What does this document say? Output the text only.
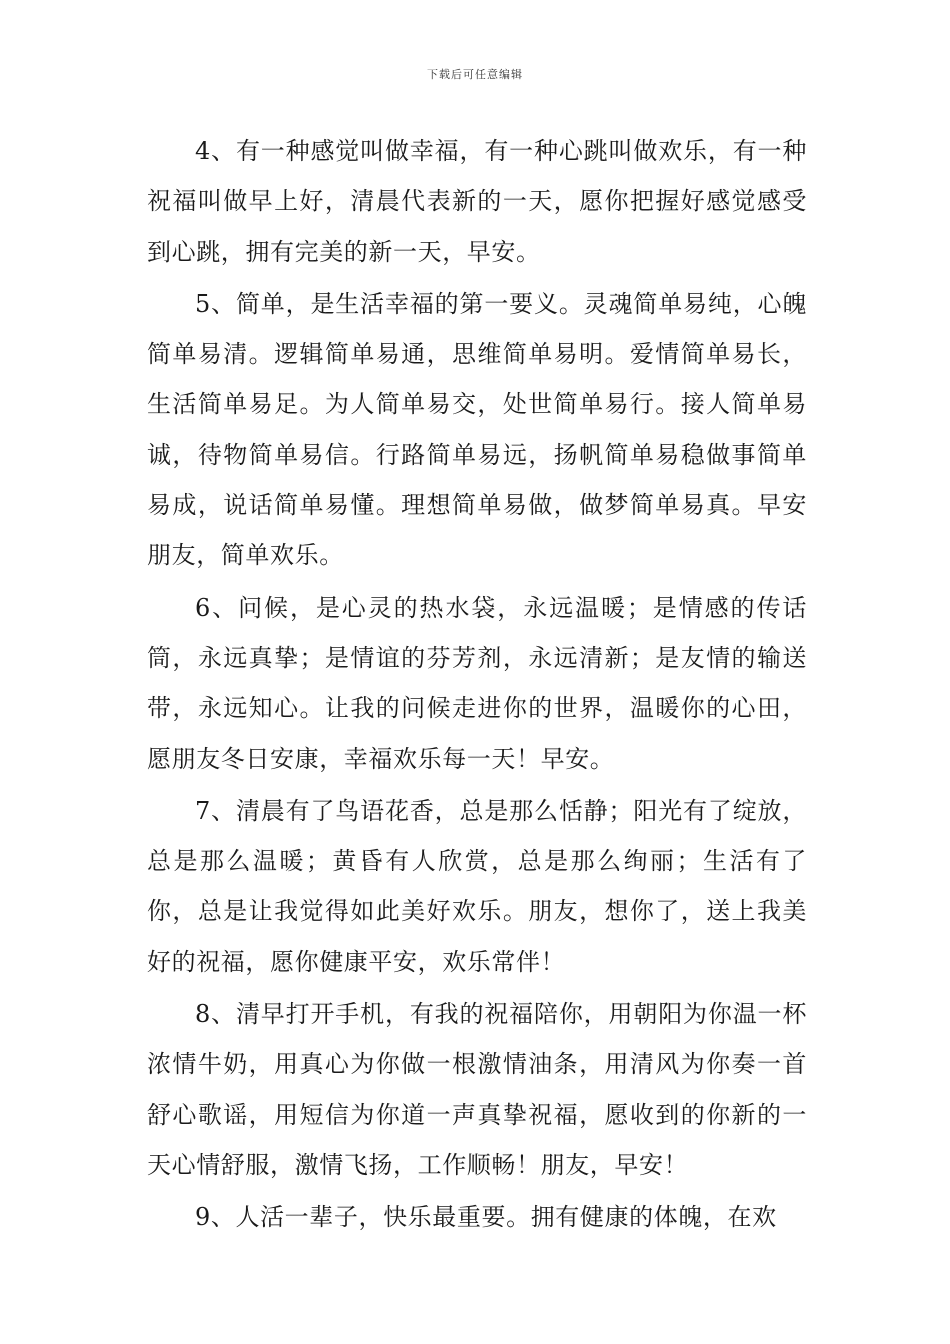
下载后可任意编辑

4、有一种感觉叫做幸福，有一种心跳叫做欢乐，有一种祝福叫做早上好，清晨代表新的一天，愿你把握好感觉感受到心跳，拥有完美的新一天，早安。

5、简单，是生活幸福的第一要义。灵魂简单易纯，心魄简单易清。逻辑简单易通，思维简单易明。爱情简单易长，生活简单易足。为人简单易交，处世简单易行。接人简单易诚，待物简单易信。行路简单易远，扬帆简单易稳做事简单易成，说话简单易懂。理想简单易做，做梦简单易真。早安朋友，简单欢乐。

6、问候，是心灵的热水袋，永远温暖；是情感的传话筒，永远真挚；是情谊的芬芳剂，永远清新；是友情的输送带，永远知心。让我的问候走进你的世界，温暖你的心田，愿朋友冬日安康，幸福欢乐每一天！早安。

7、清晨有了鸟语花香，总是那么恬静；阳光有了绽放，总是那么温暖；黄昏有人欣赏，总是那么绚丽；生活有了你，总是让我觉得如此美好欢乐。朋友，想你了，送上我美好的祝福，愿你健康平安，欢乐常伴！

8、清早打开手机，有我的祝福陪你，用朝阳为你温一杯浓情牛奶，用真心为你做一根激情油条，用清风为你奏一首舒心歌谣，用短信为你道一声真挚祝福，愿收到的你新的一天心情舒服，激情飞扬，工作顺畅！朋友，早安！

9、人活一辈子，快乐最重要。拥有健康的体魄，在欢
